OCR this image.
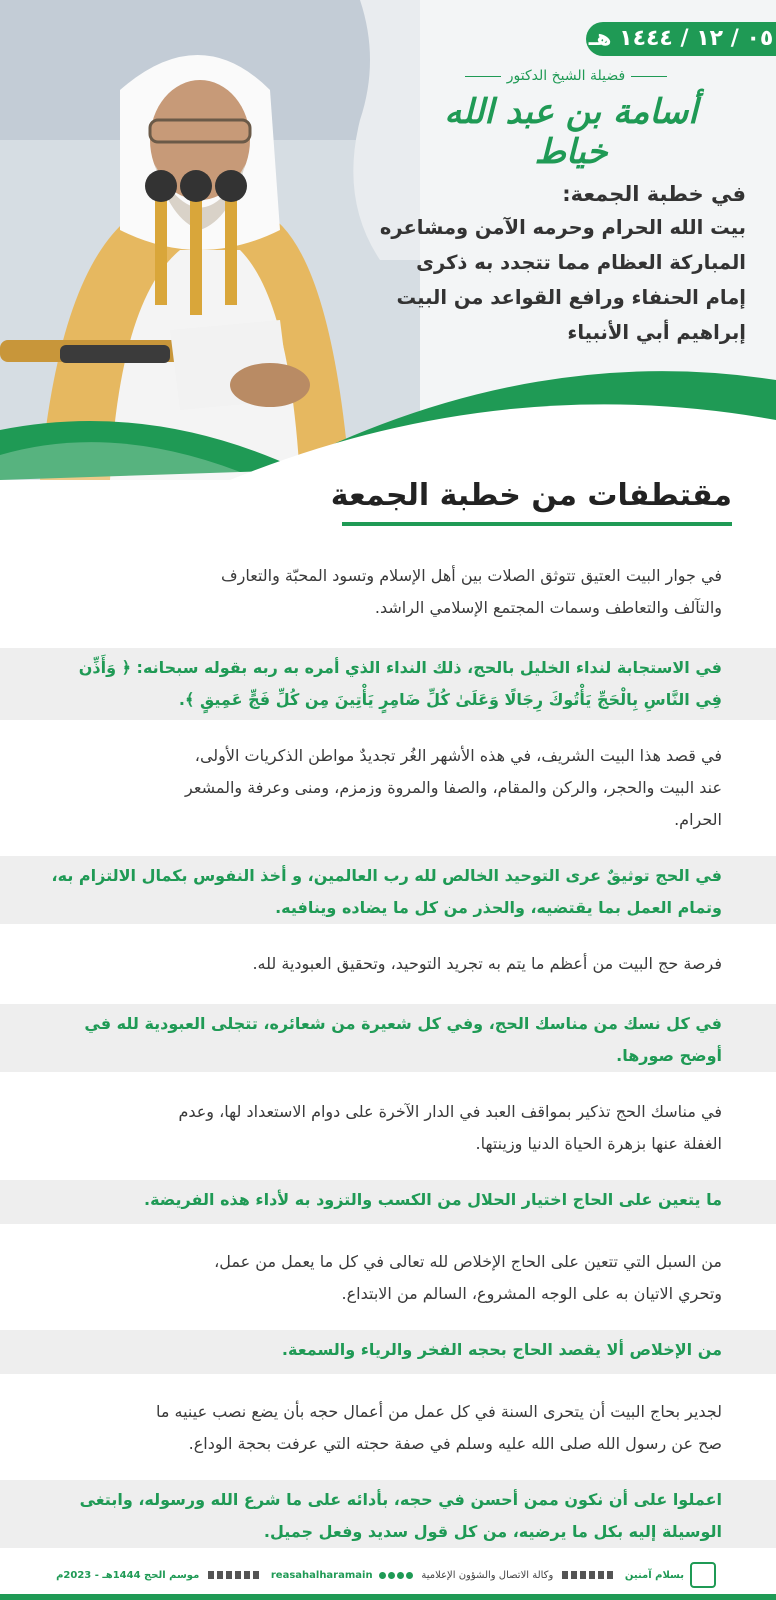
٠٥ / ١٢ / ١٤٤٤ هـ
فضيلة الشيخ الدكتور
أسامة بن عبد الله خياط
في خطبة الجمعة:
بيت الله الحرام وحرمه الآمن ومشاعره
المباركة العظام مما تتجدد به ذكرى
إمام الحنفاء ورافع القواعد من البيت
إبراهيم أبي الأنبياء
مقتطفات من خطبة الجمعة
في جوار البيت العتيق تتوثق الصلات بين أهل الإسلام وتسود المحبّة والتعارف
والتآلف والتعاطف وسمات المجتمع الإسلامي الراشد.
في الاستجابة لنداء الخليل بالحج، ذلك النداء الذي أمره به ربه بقوله سبحانه: ﴿ وَأَذِّن
فِي النَّاسِ بِالْحَجِّ يَأْتُوكَ رِجَالًا وَعَلَىٰ كُلِّ ضَامِرٍ يَأْتِينَ مِن كُلِّ فَجٍّ عَمِيقٍ ﴾.
في قصد هذا البيت الشريف، في هذه الأشهر الغُر تجديدٌ مواطن الذكريات الأولى،
عند البيت والحجر، والركن والمقام، والصفا والمروة وزمزم، ومنى وعرفة والمشعر
الحرام.
في الحج توثيقٌ عرى التوحيد الخالص لله رب العالمين، و أخذ النفوس بكمال الالتزام به،
وتمام العمل بما يقتضيه، والحذر من كل ما يضاده وينافيه.
فرصة حج البيت من أعظم ما يتم به تجريد التوحيد، وتحقيق العبودية لله.
في كل نسك من مناسك الحج، وفي كل شعيرة من شعائره، تتجلى العبودية لله في
أوضح صورها.
في مناسك الحج تذكير بمواقف العبد في الدار الآخرة على دوام الاستعداد لها، وعدم
الغفلة عنها بزهرة الحياة الدنيا وزينتها.
ما يتعين على الحاج اختيار الحلال من الكسب والتزود به لأداء هذه الفريضة.
من السبل التي تتعين على الحاج الإخلاص لله تعالى في كل ما يعمل من عمل،
وتحري الاتيان به على الوجه المشروع، السالم من الابتداع.
من الإخلاص ألا يقصد الحاج بحجه الفخر والرياء والسمعة.
لجدير بحاج البيت أن يتحرى السنة في كل عمل من أعمال حجه بأن يضع نصب عينيه ما
صح عن رسول الله صلى الله عليه وسلم في صفة حجته التي عرفت بحجة الوداع.
اعملوا على أن نكون ممن أحسن في حجه، بأدائه على ما شرع الله ورسوله، وابتغى
الوسيلة إليه بكل ما يرضيه، من كل قول سديد وفعل جميل.
بسلام آمنين
وكالة الاتصال والشؤون الإعلامية
reasahalharamain
موسم الحج 1444هـ - 2023م
